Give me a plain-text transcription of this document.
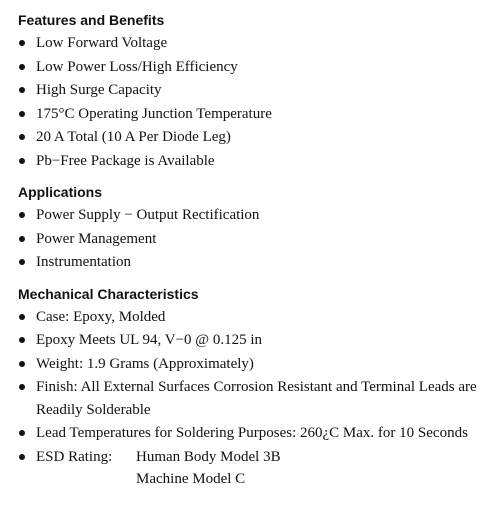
Features and Benefits
Low Forward Voltage
Low Power Loss/High Efficiency
High Surge Capacity
175°C Operating Junction Temperature
20 A Total (10 A Per Diode Leg)
Pb−Free Package is Available
Applications
Power Supply − Output Rectification
Power Management
Instrumentation
Mechanical Characteristics
Case: Epoxy, Molded
Epoxy Meets UL 94, V−0 @ 0.125 in
Weight: 1.9 Grams (Approximately)
Finish: All External Surfaces Corrosion Resistant and Terminal Leads are Readily Solderable
Lead Temperatures for Soldering Purposes: 260¿C Max. for 10 Seconds
ESD Rating:	Human Body Model 3B
Machine Model C
